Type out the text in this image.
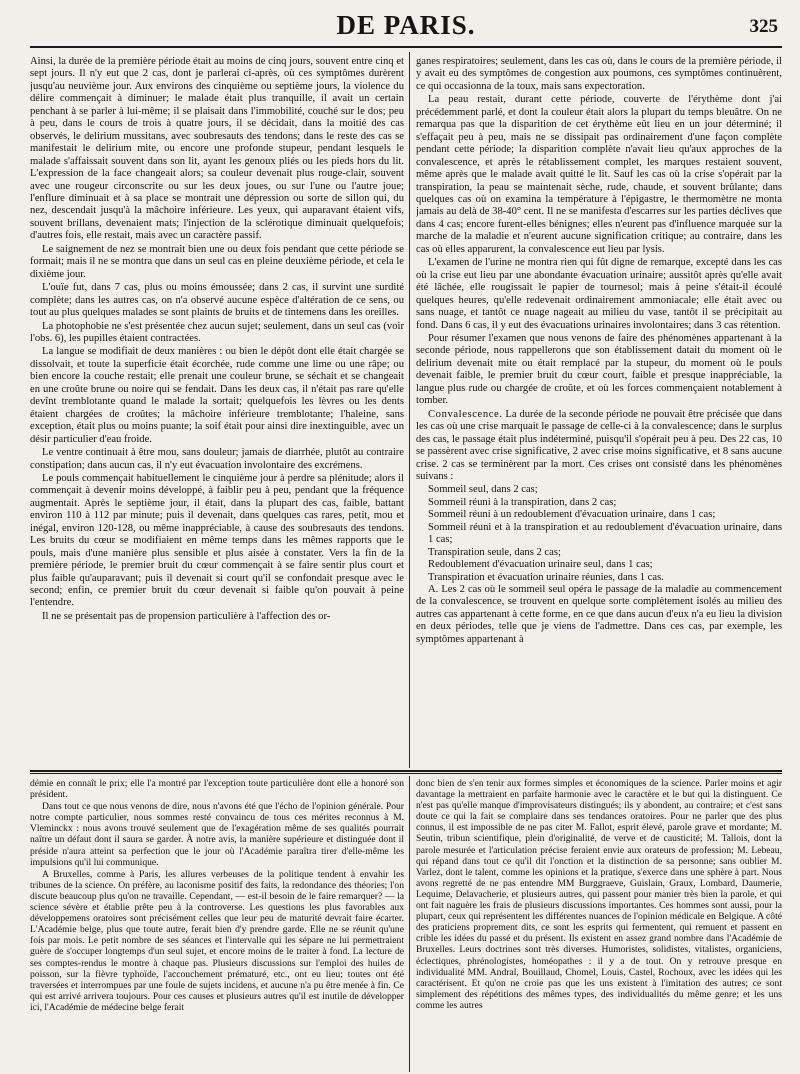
DE PARIS.	325

Ainsi, la durée de la première période était au moins de cinq jours, souvent entre cinq et sept jours. Il n'y eut que 2 cas, dont je parlerai ci-après, où ces symptômes durèrent jusqu'au neuvième jour. Aux environs des cinquième ou septième jours, la violence du délire commençait à diminuer; le malade était plus tranquille, il avait un certain penchant à se parler à lui-même; il se plaisait dans l'immobilité, couché sur le dos; peu à peu, dans le cours de trois à quatre jours, il se décidait, dans la moitié des cas observés, le delirium mussitans, avec soubresauts des tendons; dans le reste des cas se manifestait le delirium mite, ou encore une profonde stupeur, pendant lesquels le malade s'affaissait souvent dans son lit, ayant les genoux pliés ou les pieds hors du lit. L'expression de la face changeait alors; sa couleur devenait plus rouge-clair, souvent avec une rougeur circonscrite ou sur les deux joues, ou sur l'une ou l'autre joue; l'enflure diminuait et à sa place se montrait une dépression ou sorte de sillon qui, du nez, descendait jusqu'à la mâchoire inférieure. Les yeux, qui auparavant étaient vifs, souvent brillans, devenaient mats; l'injection de la sclérotique diminuait quelquefois; d'autres fois, elle restait, mais avec un caractère passif.

Le saignement de nez se montrait bien une ou deux fois pendant que cette période se formait; mais il ne se montra que dans un seul cas en pleine deuxième période, et cela le dixième jour.

L'ouïe fut, dans 7 cas, plus ou moins émoussée; dans 2 cas, il survint une surdité complète; dans les autres cas, on n'a observé aucune espèce d'altération de ce sens, ou tout au plus quelques malades se sont plaints de bruits et de tintemens dans les oreilles.

La photophobie ne s'est présentée chez aucun sujet; seulement, dans un seul cas (voir l'obs. 6), les pupilles étaient contractées.

La langue se modifiait de deux manières : ou bien le dépôt dont elle était chargée se dissolvait, et toute la superficie était écorchée, rude comme une lime ou une râpe; ou bien encore la couche restait; elle prenait une couleur brune, se séchait et se changeait en une croûte brune ou noire qui se fendait. Dans les deux cas, il n'était pas rare qu'elle devînt tremblotante quand le malade la sortait; quelquefois les lèvres ou les dents étaient chargées de croûtes; la mâchoire inférieure tremblotante; l'haleine, sans exception, était plus ou moins puante; la soif était pour ainsi dire inextinguible, avec un désir particulier d'eau froide.

Le ventre continuait à être mou, sans douleur; jamais de diarrhée, plutôt au contraire constipation; dans aucun cas, il n'y eut évacuation involontaire des excrémens.

Le pouls commençait habituellement le cinquième jour à perdre sa plénitude; alors il commençait à devenir moins développé, à faiblir peu à peu, pendant que la fréquence augmentait. Après le septième jour, il était, dans la plupart des cas, faible, battant environ 110 à 112 par minute; puis il devenait, dans quelques cas rares, petit, mou et inégal, environ 120-128, ou même inappréciable, à cause des soubresauts des tendons. Les bruits du cœur se modifiaient en même temps dans les mêmes rapports que le pouls, mais d'une manière plus sensible et plus aisée à constater. Vers la fin de la première période, le premier bruit du cœur commençait à se faire sentir plus court et plus faible qu'auparavant; puis il devenait si court qu'il se confondait presque avec le second; enfin, ce premier bruit du cœur devenait si faible qu'on pouvait à peine l'entendre.

Il ne se présentait pas de propension particulière à l'affection des or-

ganes respiratoires; seulement, dans les cas où, dans le cours de la première période, il y avait eu des symptômes de congestion aux poumons, ces symptômes continuèrent, ce qui occasionna de la toux, mais sans expectoration.

La peau restait, durant cette période, couverte de l'érythème dont j'ai précédemment parlé, et dont la couleur était alors la plupart du temps bleuâtre. On ne remarqua pas que la disparition de cet érythème eût lieu en un jour déterminé; il s'effaçait peu à peu, mais ne se dissipait pas ordinairement d'une façon complète pendant cette période; la disparition complète n'avait lieu qu'aux approches de la convalescence, et après le rétablissement complet, les marques restaient souvent, même après que le malade avait quitté le lit. Sauf les cas où la crise s'opérait par la transpiration, la peau se maintenait sèche, rude, chaude, et souvent brûlante; dans quelques cas où on examina la température à l'épigastre, le thermomètre ne monta jamais au delà de 38-40° cent. Il ne se manifesta d'escarres sur les parties déclives que dans 4 cas; encore furent-elles bénignes; elles n'eurent pas d'influence marquée sur la marche de la maladie et n'eurent aucune signification critique; au contraire, dans les cas où elles apparurent, la convalescence eut lieu par lysis.

L'examen de l'urine ne montra rien qui fût digne de remarque, excepté dans les cas où la crise eut lieu par une abondante évacuation urinaire; aussitôt après qu'elle avait été lâchée, elle rougissait le papier de tournesol; mais à peine s'était-il écoulé quelques heures, qu'elle redevenait ordinairement ammoniacale; elle était avec ou sans nuage, et tantôt ce nuage nageait au milieu du vase, tantôt il se précipitait au fond. Dans 6 cas, il y eut des évacuations urinaires involontaires; dans 3 cas rétention.

Pour résumer l'examen que nous venons de faire des phénomènes appartenant à la seconde période, nous rappellerons que son établissement datait du moment où le delirium devenait mite ou était remplacé par la stupeur, du moment où le pouls devenait faible, le premier bruit du cœur court, faible et presque inappréciable, la langue plus rude ou chargée de croûte, et où les forces commençaient notablement à tomber.

Convalescence. La durée de la seconde période ne pouvait être précisée que dans les cas où une crise marquait le passage de celle-ci à la convalescence; dans le surplus des cas, le passage était plus indéterminé, puisqu'il s'opérait peu à peu. Des 22 cas, 10 se passèrent avec crise significative, 2 avec crise moins significative, et 8 sans aucune crise. 2 cas se terminèrent par la mort. Ces crises ont consisté dans les phénomènes suivans :

Sommeil seul, dans 2 cas;

Sommeil réuni à la transpiration, dans 2 cas;

Sommeil réuni à un redoublement d'évacuation urinaire, dans 1 cas;

Sommeil réuni et à la transpiration et au redoublement d'évacuation urinaire, dans 1 cas;

Transpiration seule, dans 2 cas;

Redoublement d'évacuation urinaire seul, dans 1 cas;

Transpiration et évacuation urinaire réunies, dans 1 cas.

A. Les 2 cas où le sommeil seul opéra le passage de la maladie au commencement de la convalescence, se trouvent en quelque sorte complètement isolés au milieu des autres cas appartenant à cette forme, en ce que dans aucun d'eux n'a eu lieu la division en deux périodes, telle que je viens de l'admettre. Dans ces cas, par exemple, les symptômes appartenant à

démie en connaît le prix; elle l'a montré par l'exception toute particulière dont elle a honoré son président.

Dans tout ce que nous venons de dire, nous n'avons été que l'écho de l'opinion générale. Pour notre compte particulier, nous sommes resté convaincu de tous ces mérites reconnus à M. Vleminckx : nous avons trouvé seulement que de l'exagération même de ses qualités pourrait naître un défaut dont il saura se garder. À notre avis, la manière supérieure et distinguée dont il préside n'aura atteint sa perfection que le jour où l'Académie paraîtra tirer d'elle-même les impulsions qu'il lui communique.

A Bruxelles, comme à Paris, les allures verbeuses de la politique tendent à envahir les tribunes de la science. On préfère, au laconisme positif des faits, la redondance des théories; l'on discute beaucoup plus qu'on ne travaille. Cependant, — est-il besoin de le faire remarquer? — la science sévère et établie prête peu à la controverse. Les questions les plus favorables aux développemens oratoires sont précisément celles que leur peu de maturité devrait faire écarter. L'Académie belge, plus que toute autre, ferait bien d'y prendre garde. Elle ne se réunit qu'une fois par mois. Le petit nombre de ses séances et l'intervalle qui les sépare ne lui permettraient guère de s'occuper longtemps d'un seul sujet, et encore moins de le traiter à fond. La lecture de ses comptes-rendus le montre à chaque pas. Plusieurs discussions sur l'emploi des huiles de poisson, sur la fièvre typhoïde, l'accouchement prématuré, etc., ont eu lieu; toutes ont été traversées et interrompues par une foule de sujets incidens, et aucune n'a pu être menée à fin. Ce qui est arrivé arrivera toujours. Pour ces causes et plusieurs autres qu'il est inutile de développer ici, l'Académie de médecine belge ferait

donc bien de s'en tenir aux formes simples et économiques de la science. Parler moins et agir davantage la mettraient en parfaite harmonie avec le caractère et le but qui la distinguent. Ce n'est pas qu'elle manque d'improvisateurs distingués; ils y abondent, au contraire; et c'est sans doute ce qui la fait se complaire dans ses tendances oratoires. Pour ne parler que des plus connus, il est impossible de ne pas citer M. Fallot, esprit élevé, parole grave et mordante; M. Seutin, tribun scientifique, plein d'originalité, de verve et de causticité; M. Tallois, dont la parole mesurée et l'articulation précise feraient envie aux orateurs de profession; M. Lebeau, qui répand dans tout ce qu'il dit l'onction et la distinction de sa personne; sans oublier M. Varlez, dont le talent, comme les opinions et la pratique, s'exerce dans une sphère à part. Nous avons regretté de ne pas entendre MM Burggraeve, Guislain, Graux, Lombard, Daumerie, Lequime, Delavacherie, et plusieurs autres, qui passent pour manier très bien la parole, et qui ont fait naguère les frais de plusieurs discussions importantes. Ces hommes sont aussi, pour la plupart, ceux qui représentent les différentes nuances de l'opinion médicale en Belgique. A côté des praticiens proprement dits, ce sont les esprits qui fermentent, qui remuent et passent en crible les idées du passé et du présent. Ils existent en assez grand nombre dans l'Académie de Bruxelles. Leurs doctrines sont très diverses. Humoristes, solidistes, vitalistes, organiciens, éclectiques, phrénologistes, homéopathes : il y a de tout. On y retrouve presque en individualité MM. Andral, Bouillaud, Chomel, Louis, Castel, Rochoux, avec les idées qui les caractérisent. Et qu'on ne croie pas que les uns existent à l'imitation des autres; ce sont simplement des répétitions des mêmes types, des individualités du même genre; et les uns comme les autres
